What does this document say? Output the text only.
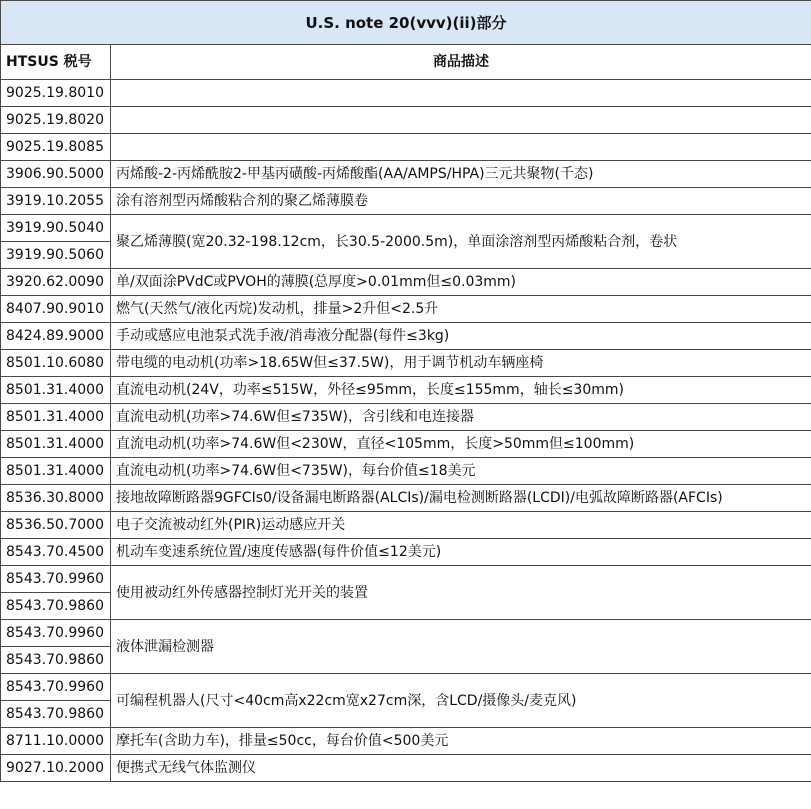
U.S. note 20(vvv)(ii)部分	
HTSUS 税号	商品描述
9025.19.8010	
9025.19.8020	
9025.19.8085	
3906.90.5000	丙烯酸-2-丙烯酰胺2-甲基丙磺酸-丙烯酸酯(AA/AMPS/HPA)三元共聚物(千态)
3919.10.2055	涂有溶剂型丙烯酸粘合剂的聚乙烯薄膜卷
3919.90.5040	聚乙烯薄膜(宽20.32-198.12cm，长30.5-2000.5m)，单面涂溶剂型丙烯酸粘合剂，卷状
3919.90.5060	
3920.62.0090	单/双面涂PVdC或PVOH的薄膜(总厚度>0.01mm但≤0.03mm)
8407.90.9010	燃气(天然气/液化丙烷)发动机，排量>2升但<2.5升
8424.89.9000	手动或感应电池泵式洗手液/消毒液分配器(每件≤3kg)
8501.10.6080	带电缆的电动机(功率>18.65W但≤37.5W)，用于调节机动车辆座椅
8501.31.4000	直流电动机(24V，功率≤515W，外径≤95mm，长度≤155mm，轴长≤30mm)
8501.31.4000	直流电动机(功率>74.6W但≤735W)，含引线和电连接器
8501.31.4000	直流电动机(功率>74.6W但<230W，直径<105mm，长度>50mm但≤100mm)
8501.31.4000	直流电动机(功率>74.6W但<735W)，每台价值≤18美元
8536.30.8000	接地故障断路器9GFCIs0/设备漏电断路器(ALCIs)/漏电检测断路器(LCDI)/电弧故障断路器(AFCIs)
8536.50.7000	电子交流被动红外(PIR)运动感应开关
8543.70.4500	机动车变速系统位置/速度传感器(每件价值≤12美元)
8543.70.9960	使用被动红外传感器控制灯光开关的装置
8543.70.9860	
8543.70.9960	液体泄漏检测器
8543.70.9860	
8543.70.9960	可编程机器人(尺寸<40cm高x22cm宽x27cm深，含LCD/摄像头/麦克风)
8543.70.9860	
8711.10.0000	摩托车(含助力车)，排量≤50cc，每台价值<500美元
9027.10.2000	便携式无线气体监测仪
